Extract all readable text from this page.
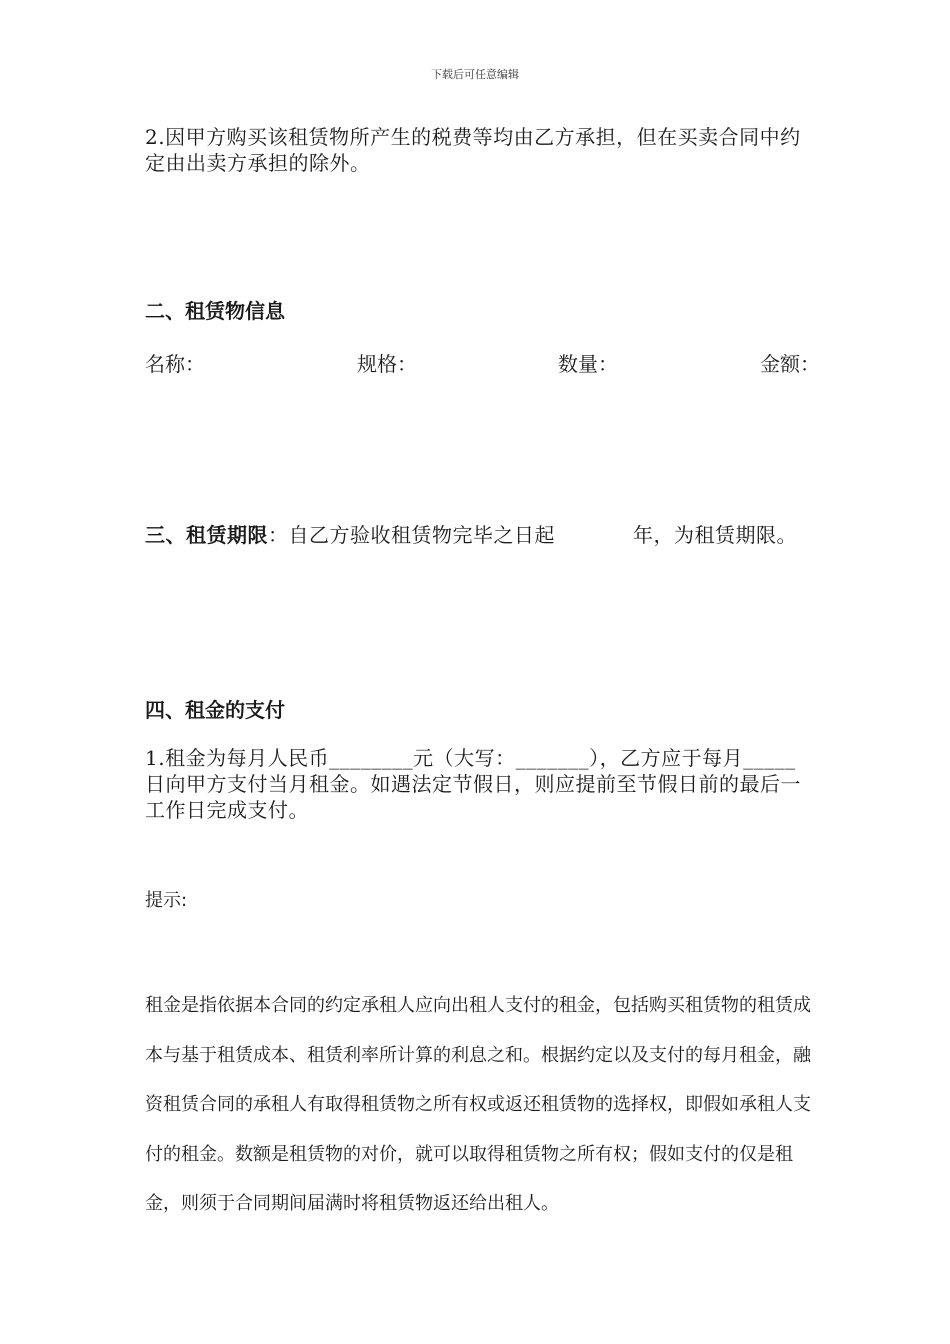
下载后可任意编辑
2.因甲方购买该租赁物所产生的税费等均由乙方承担，但在买卖合同中约定由出卖方承担的除外。
二、租赁物信息
名称：	规格：	数量：	金额：
三、租赁期限：自乙方验收租赁物完毕之日起	年，为租赁期限。
四、租金的支付
1.租金为每月人民币________元（大写：_______），乙方应于每月_____日向甲方支付当月租金。如遇法定节假日，则应提前至节假日前的最后一工作日完成支付。
提示:
租金是指依据本合同的约定承租人应向出租人支付的租金，包括购买租赁物的租赁成本与基于租赁成本、租赁利率所计算的利息之和。根据约定以及支付的每月租金，融资租赁合同的承租人有取得租赁物之所有权或返还租赁物的选择权，即假如承租人支付的租金。数额是租赁物的对价，就可以取得租赁物之所有权；假如支付的仅是租金，则须于合同期间届满时将租赁物返还给出租人。
